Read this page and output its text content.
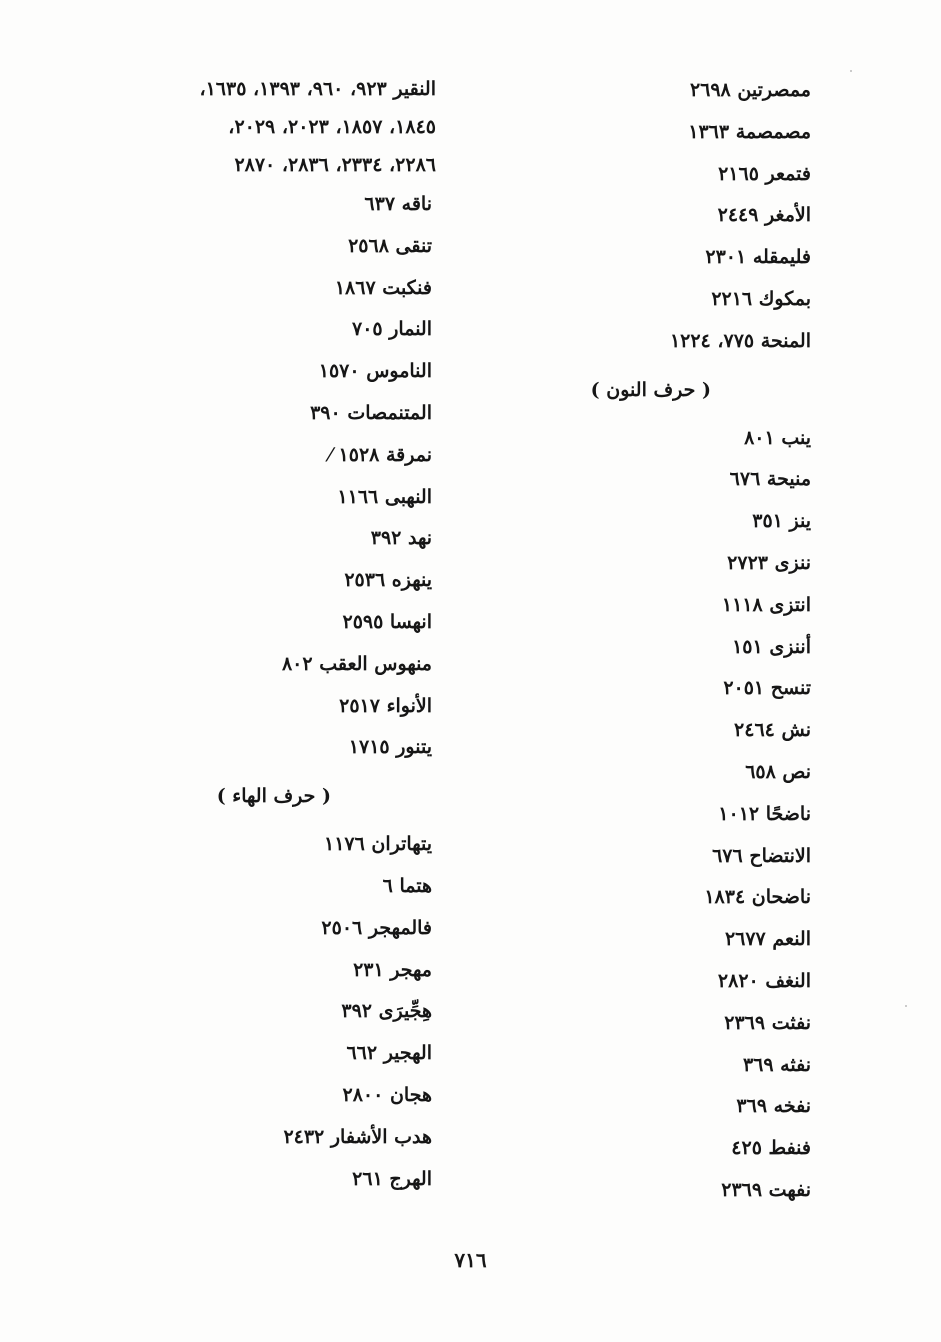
ممصرتين ٢٦٩٨
مصمصمة ١٣٦٣
فتمعر ٢١٦٥
الأمغر ٢٤٤٩
فليمقله ٢٣٠١
بمكوك ٢٢١٦
المنحة ٧٧٥، ١٢٢٤
( حرف النون )
ينب ٨٠١
منيحة ٦٧٦
ينز ٣٥١
ننزى ٢٧٢٣
انتزى ١١١٨
أننزى ١٥١
تنسح ٢٠٥١
نش ٢٤٦٤
نص ٦٥٨
ناضحًا ١٠١٢
الانتضاح ٦٧٦
ناضحان ١٨٣٤
النعم ٢٦٧٧
النغف ٢٨٢٠
نفثت ٢٣٦٩
نفثه ٣٦٩
نفخه ٣٦٩
فنفط ٤٢٥
نفهت ٢٣٦٩
النقير ٩٢٣، ٩٦٠، ١٣٩٣، ١٦٣٥،
١٨٤٥، ١٨٥٧، ٢٠٢٣، ٢٠٢٩،
٢٢٨٦، ٢٣٣٤، ٢٨٣٦، ٢٨٧٠
ناقه ٦٣٧
تنقى ٢٥٦٨
فنكبت ١٨٦٧
النمار ٧٠٥
الناموس ١٥٧٠
المتنمصات ٣٩٠
نمرقة ١٥٢٨ ⁄
النهبى ١١٦٦
نهد ٣٩٢
ينهزه ٢٥٣٦
انهسا ٢٥٩٥
منهوس العقب ٨٠٢
الأنواء ٢٥١٧
يتنور ١٧١٥
( حرف الهاء )
يتهاتران ١١٧٦
هتما ٦
فالمهجر ٢٥٠٦
مهجر ٢٣١
هِجِّيرَى ٣٩٢
الهجير ٦٦٢
هجان ٢٨٠٠
هدب الأشفار ٢٤٣٢
الهرج ٢٦١
٧١٦
